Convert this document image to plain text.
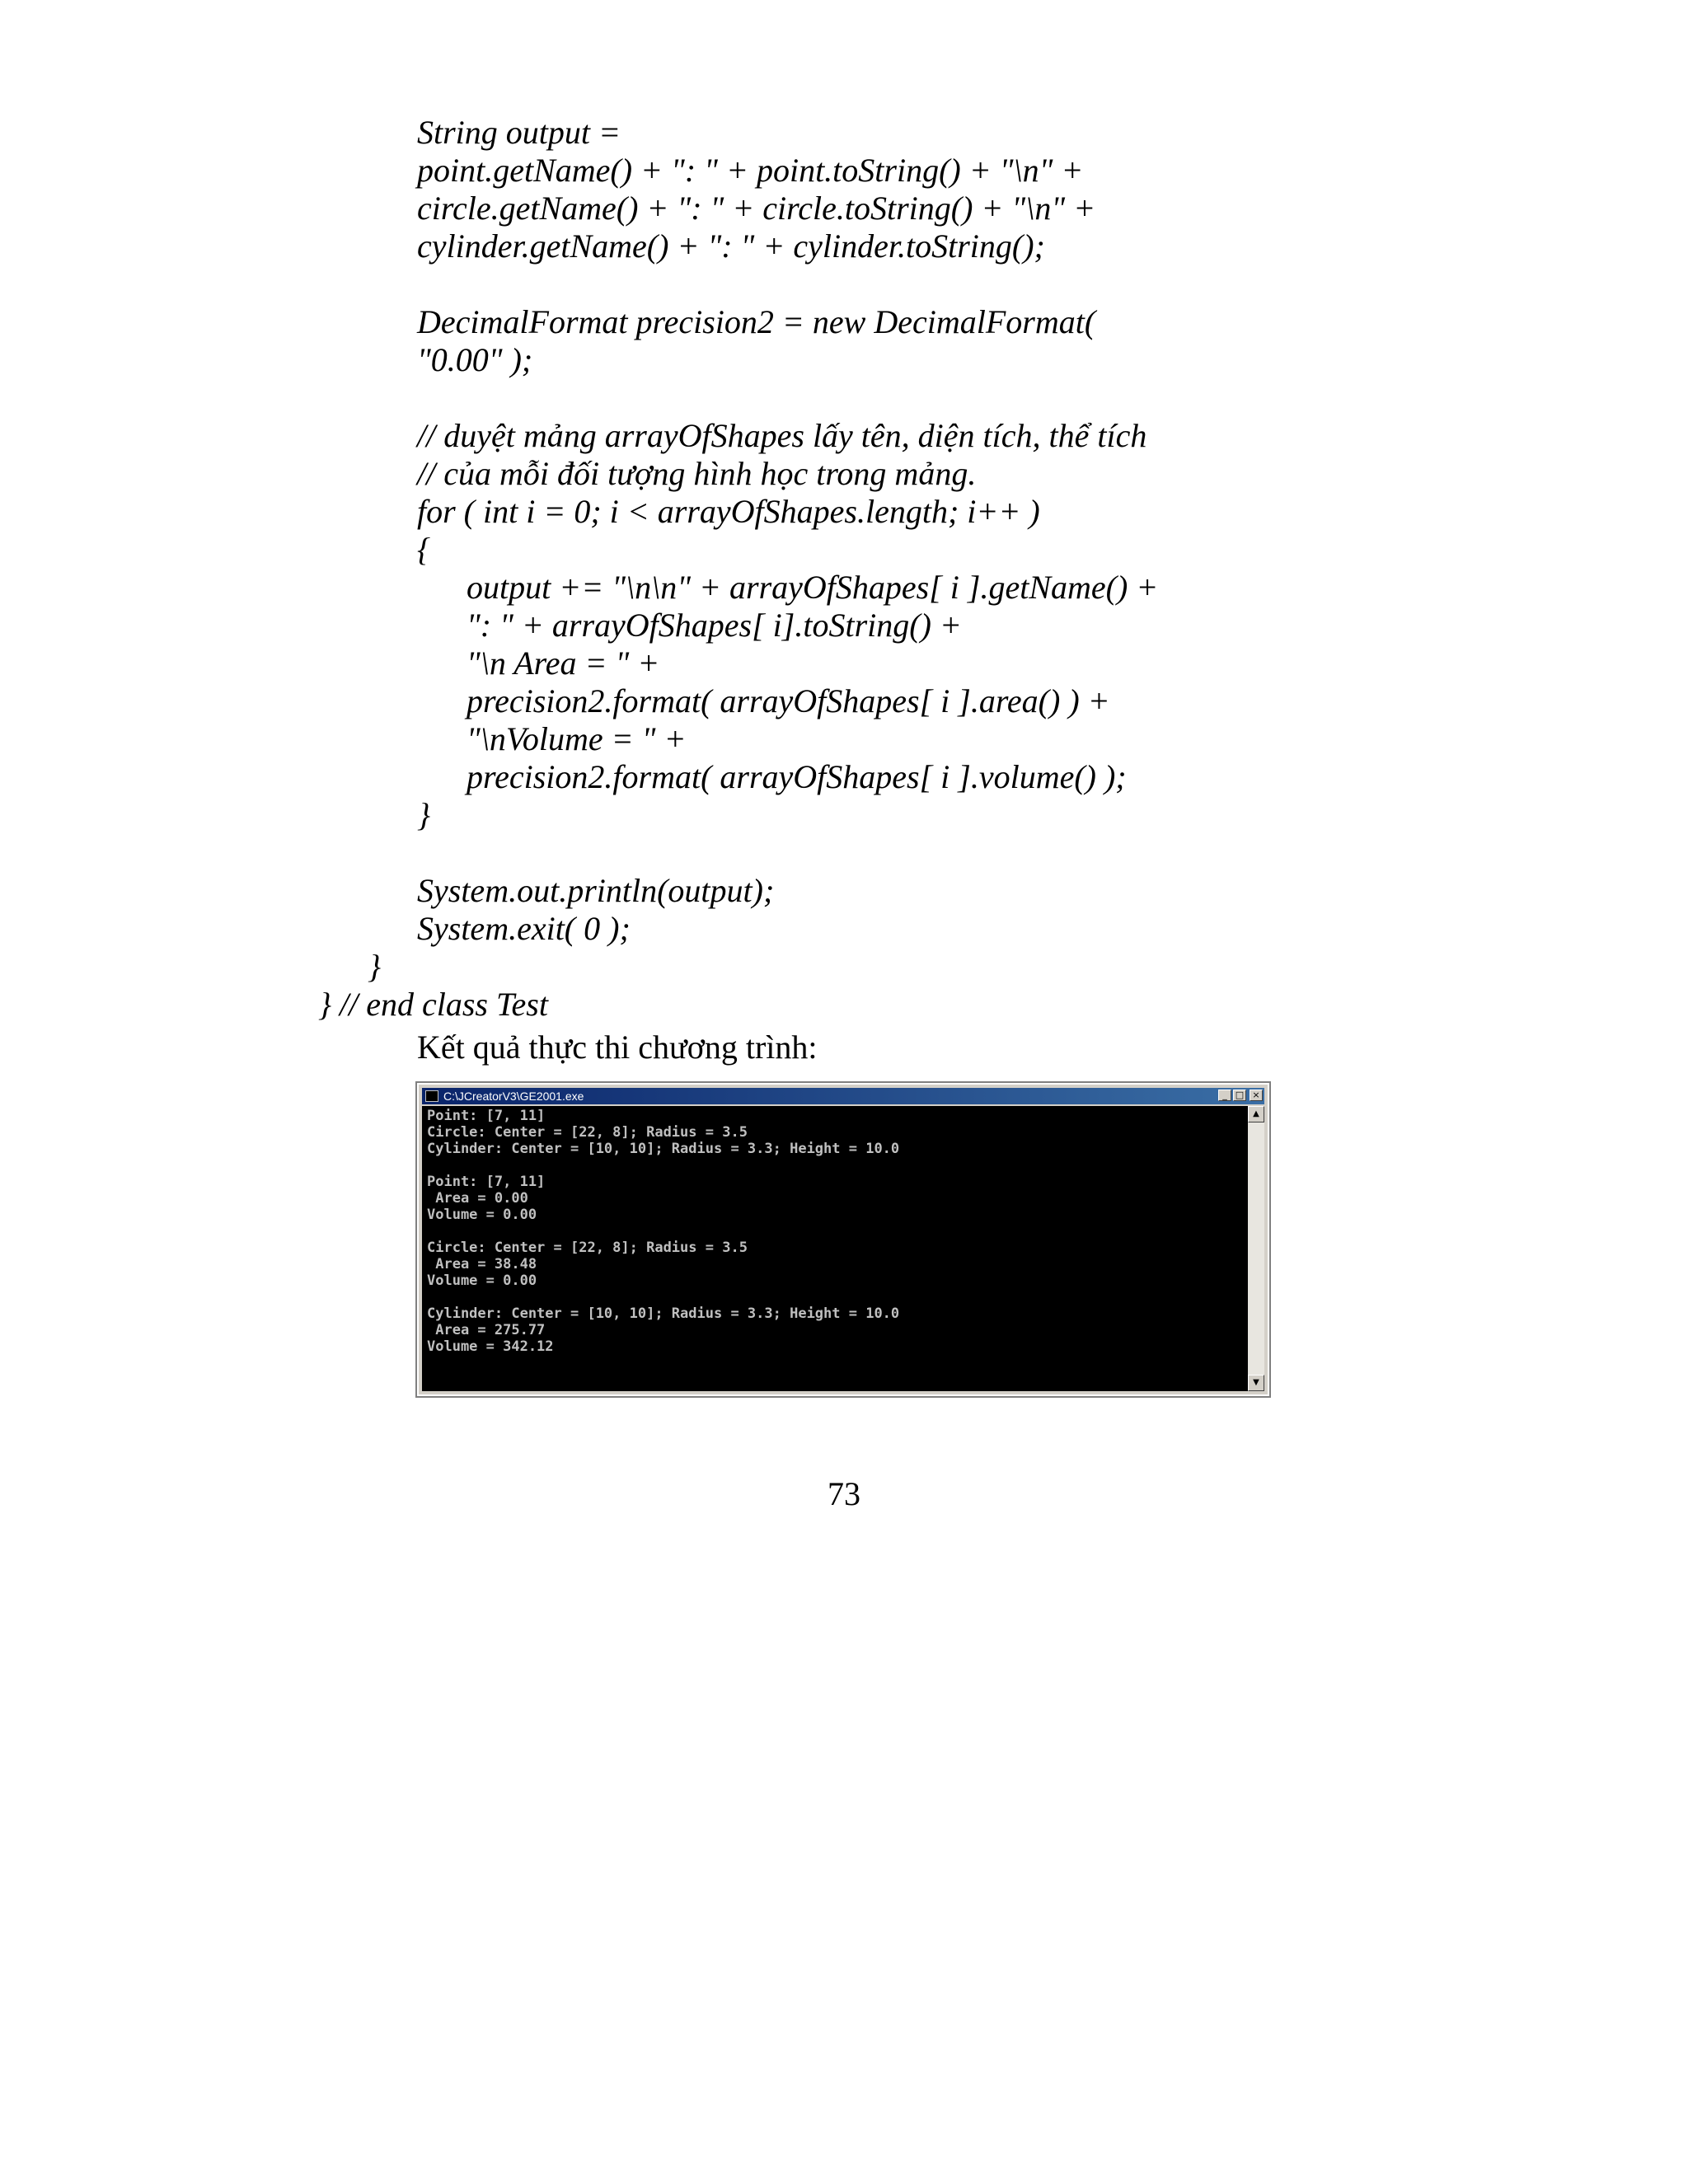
String output =
point.getName() + ": " + point.toString() + "\n" +
circle.getName() + ": " + circle.toString() + "\n" +
cylinder.getName() + ": " + cylinder.toString();
DecimalFormat precision2 = new DecimalFormat(
"0.00" );
// duyệt mảng arrayOfShapes lấy tên, diện tích, thể tích
// của mỗi đối tượng hình học trong mảng.
for ( int i = 0; i < arrayOfShapes.length; i++ )
{
output += "\n\n" + arrayOfShapes[ i ].getName() +
": " + arrayOfShapes[ i].toString() +
"\n Area = " +
precision2.format( arrayOfShapes[ i ].area() ) +
"\nVolume = " +
precision2.format( arrayOfShapes[ i ].volume() );
}
System.out.println(output);
System.exit( 0 );
}
} // end class Test
Kết quả thực thi chương trình:
C:\JCreatorV3\GE2001.exe	_ □ ×
Point: [7, 11]
Circle: Center = [22, 8]; Radius = 3.5
Cylinder: Center = [10, 10]; Radius = 3.3; Height = 10.0
Point: [7, 11]
Area = 0.00
Volume = 0.00
Circle: Center = [22, 8]; Radius = 3.5
Area = 38.48
Volume = 0.00
Cylinder: Center = [10, 10]; Radius = 3.3; Height = 10.0
Area = 275.77
Volume = 342.12
▲
▼
73
